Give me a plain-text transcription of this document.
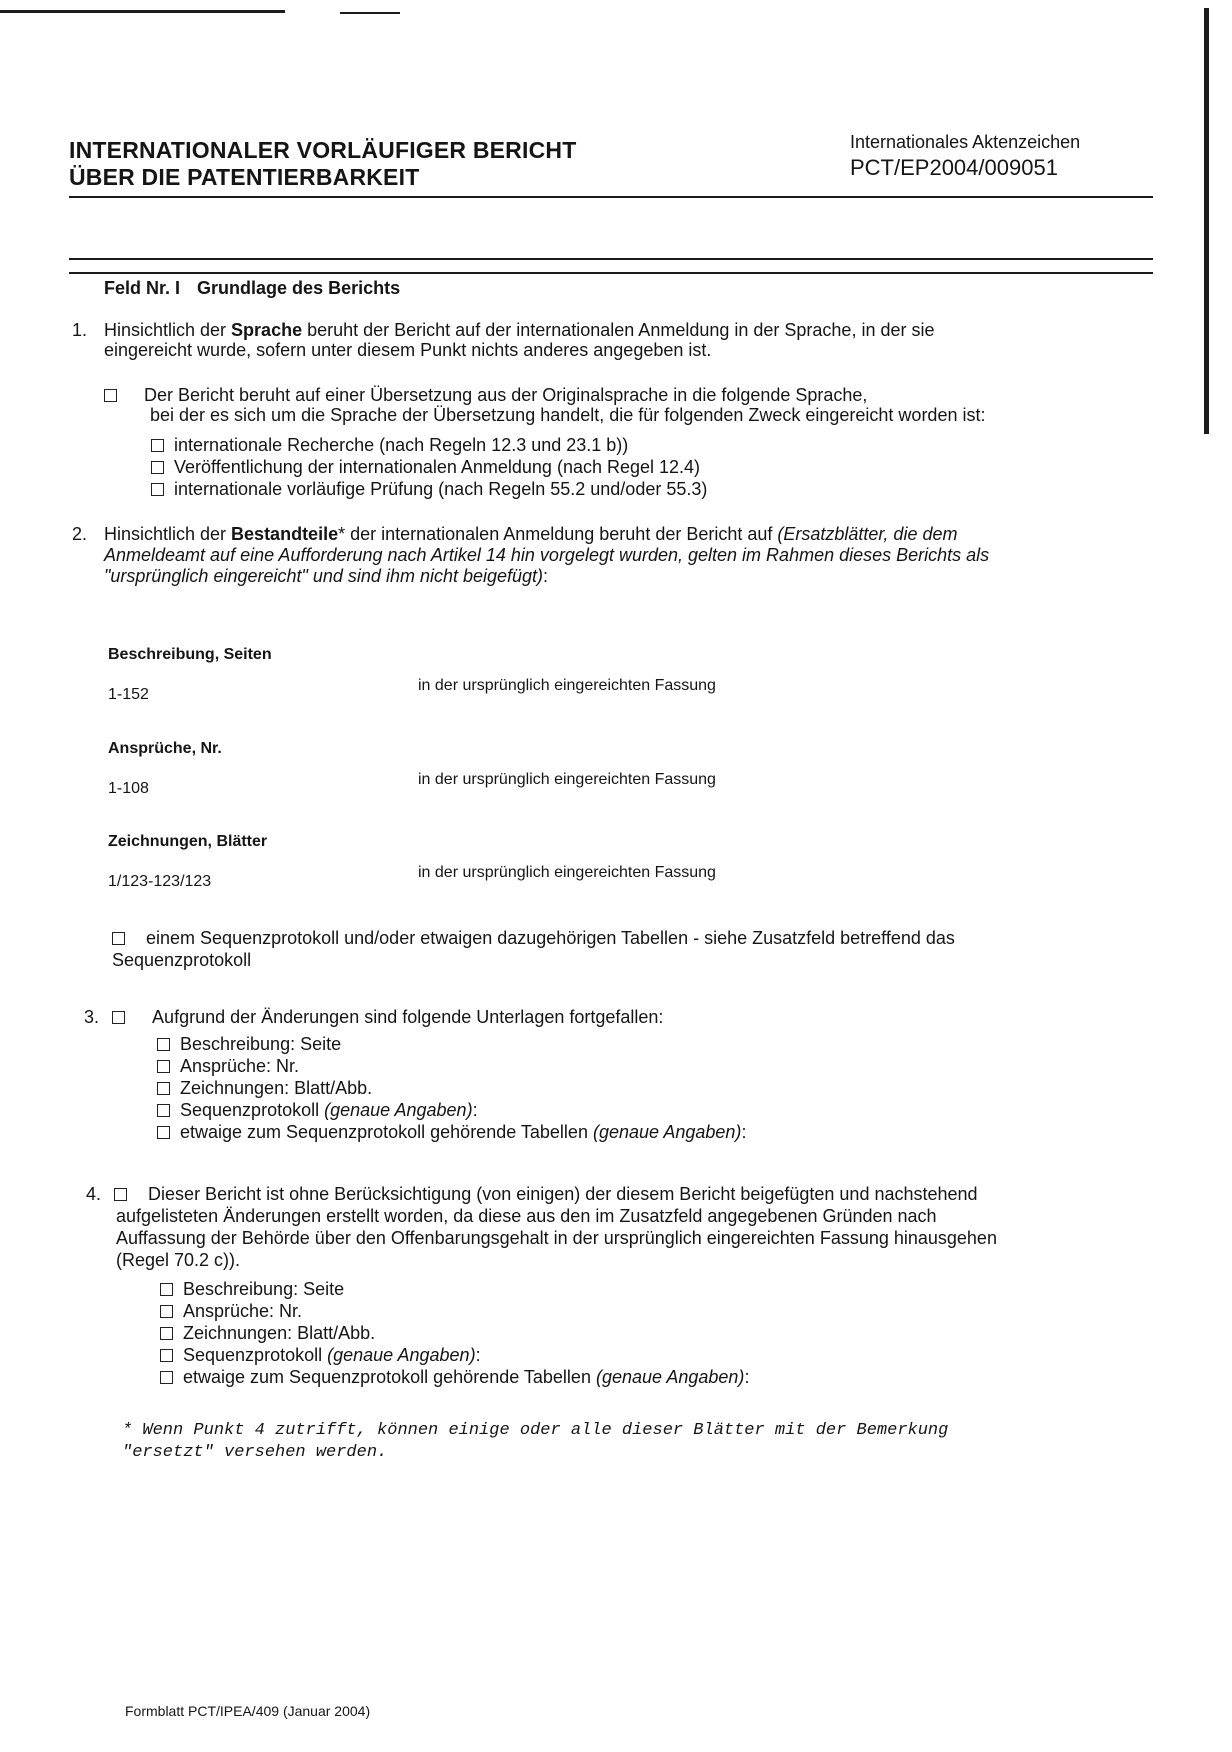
INTERNATIONALER VORLÄUFIGER BERICHT
ÜBER DIE PATENTIERBARKEIT
Internationales Aktenzeichen
PCT/EP2004/009051
Feld Nr. I Grundlage des Berichts
1. Hinsichtlich der Sprache beruht der Bericht auf der internationalen Anmeldung in der Sprache, in der sie
eingereicht wurde, sofern unter diesem Punkt nichts anderes angegeben ist.
Der Bericht beruht auf einer Übersetzung aus der Originalsprache in die folgende Sprache,
bei der es sich um die Sprache der Übersetzung handelt, die für folgenden Zweck eingereicht worden ist:
internationale Recherche (nach Regeln 12.3 und 23.1 b))
Veröffentlichung der internationalen Anmeldung (nach Regel 12.4)
internationale vorläufige Prüfung (nach Regeln 55.2 und/oder 55.3)
2. Hinsichtlich der Bestandteile* der internationalen Anmeldung beruht der Bericht auf (Ersatzblätter, die dem
Anmeldeamt auf eine Aufforderung nach Artikel 14 hin vorgelegt wurden, gelten im Rahmen dieses Berichts als
"ursprünglich eingereicht" und sind ihm nicht beigefügt):
Beschreibung, Seiten
1-152
in der ursprünglich eingereichten Fassung
Ansprüche, Nr.
1-108
in der ursprünglich eingereichten Fassung
Zeichnungen, Blätter
1/123-123/123
in der ursprünglich eingereichten Fassung
einem Sequenzprotokoll und/oder etwaigen dazugehörigen Tabellen - siehe Zusatzfeld betreffend das
Sequenzprotokoll
3.	Aufgrund der Änderungen sind folgende Unterlagen fortgefallen:
Beschreibung: Seite
Ansprüche: Nr.
Zeichnungen: Blatt/Abb.
Sequenzprotokoll (genaue Angaben):
etwaige zum Sequenzprotokoll gehörende Tabellen (genaue Angaben):
4.	Dieser Bericht ist ohne Berücksichtigung (von einigen) der diesem Bericht beigefügten und nachstehend
aufgelisteten Änderungen erstellt worden, da diese aus den im Zusatzfeld angegebenen Gründen nach
Auffassung der Behörde über den Offenbarungsgehalt in der ursprünglich eingereichten Fassung hinausgehen
(Regel 70.2 c)).
Beschreibung: Seite
Ansprüche: Nr.
Zeichnungen: Blatt/Abb.
Sequenzprotokoll (genaue Angaben):
etwaige zum Sequenzprotokoll gehörende Tabellen (genaue Angaben):
* Wenn Punkt 4 zutrifft, können einige oder alle dieser Blätter mit der Bemerkung
"ersetzt" versehen werden.
Formblatt PCT/IPEA/409 (Januar 2004)
